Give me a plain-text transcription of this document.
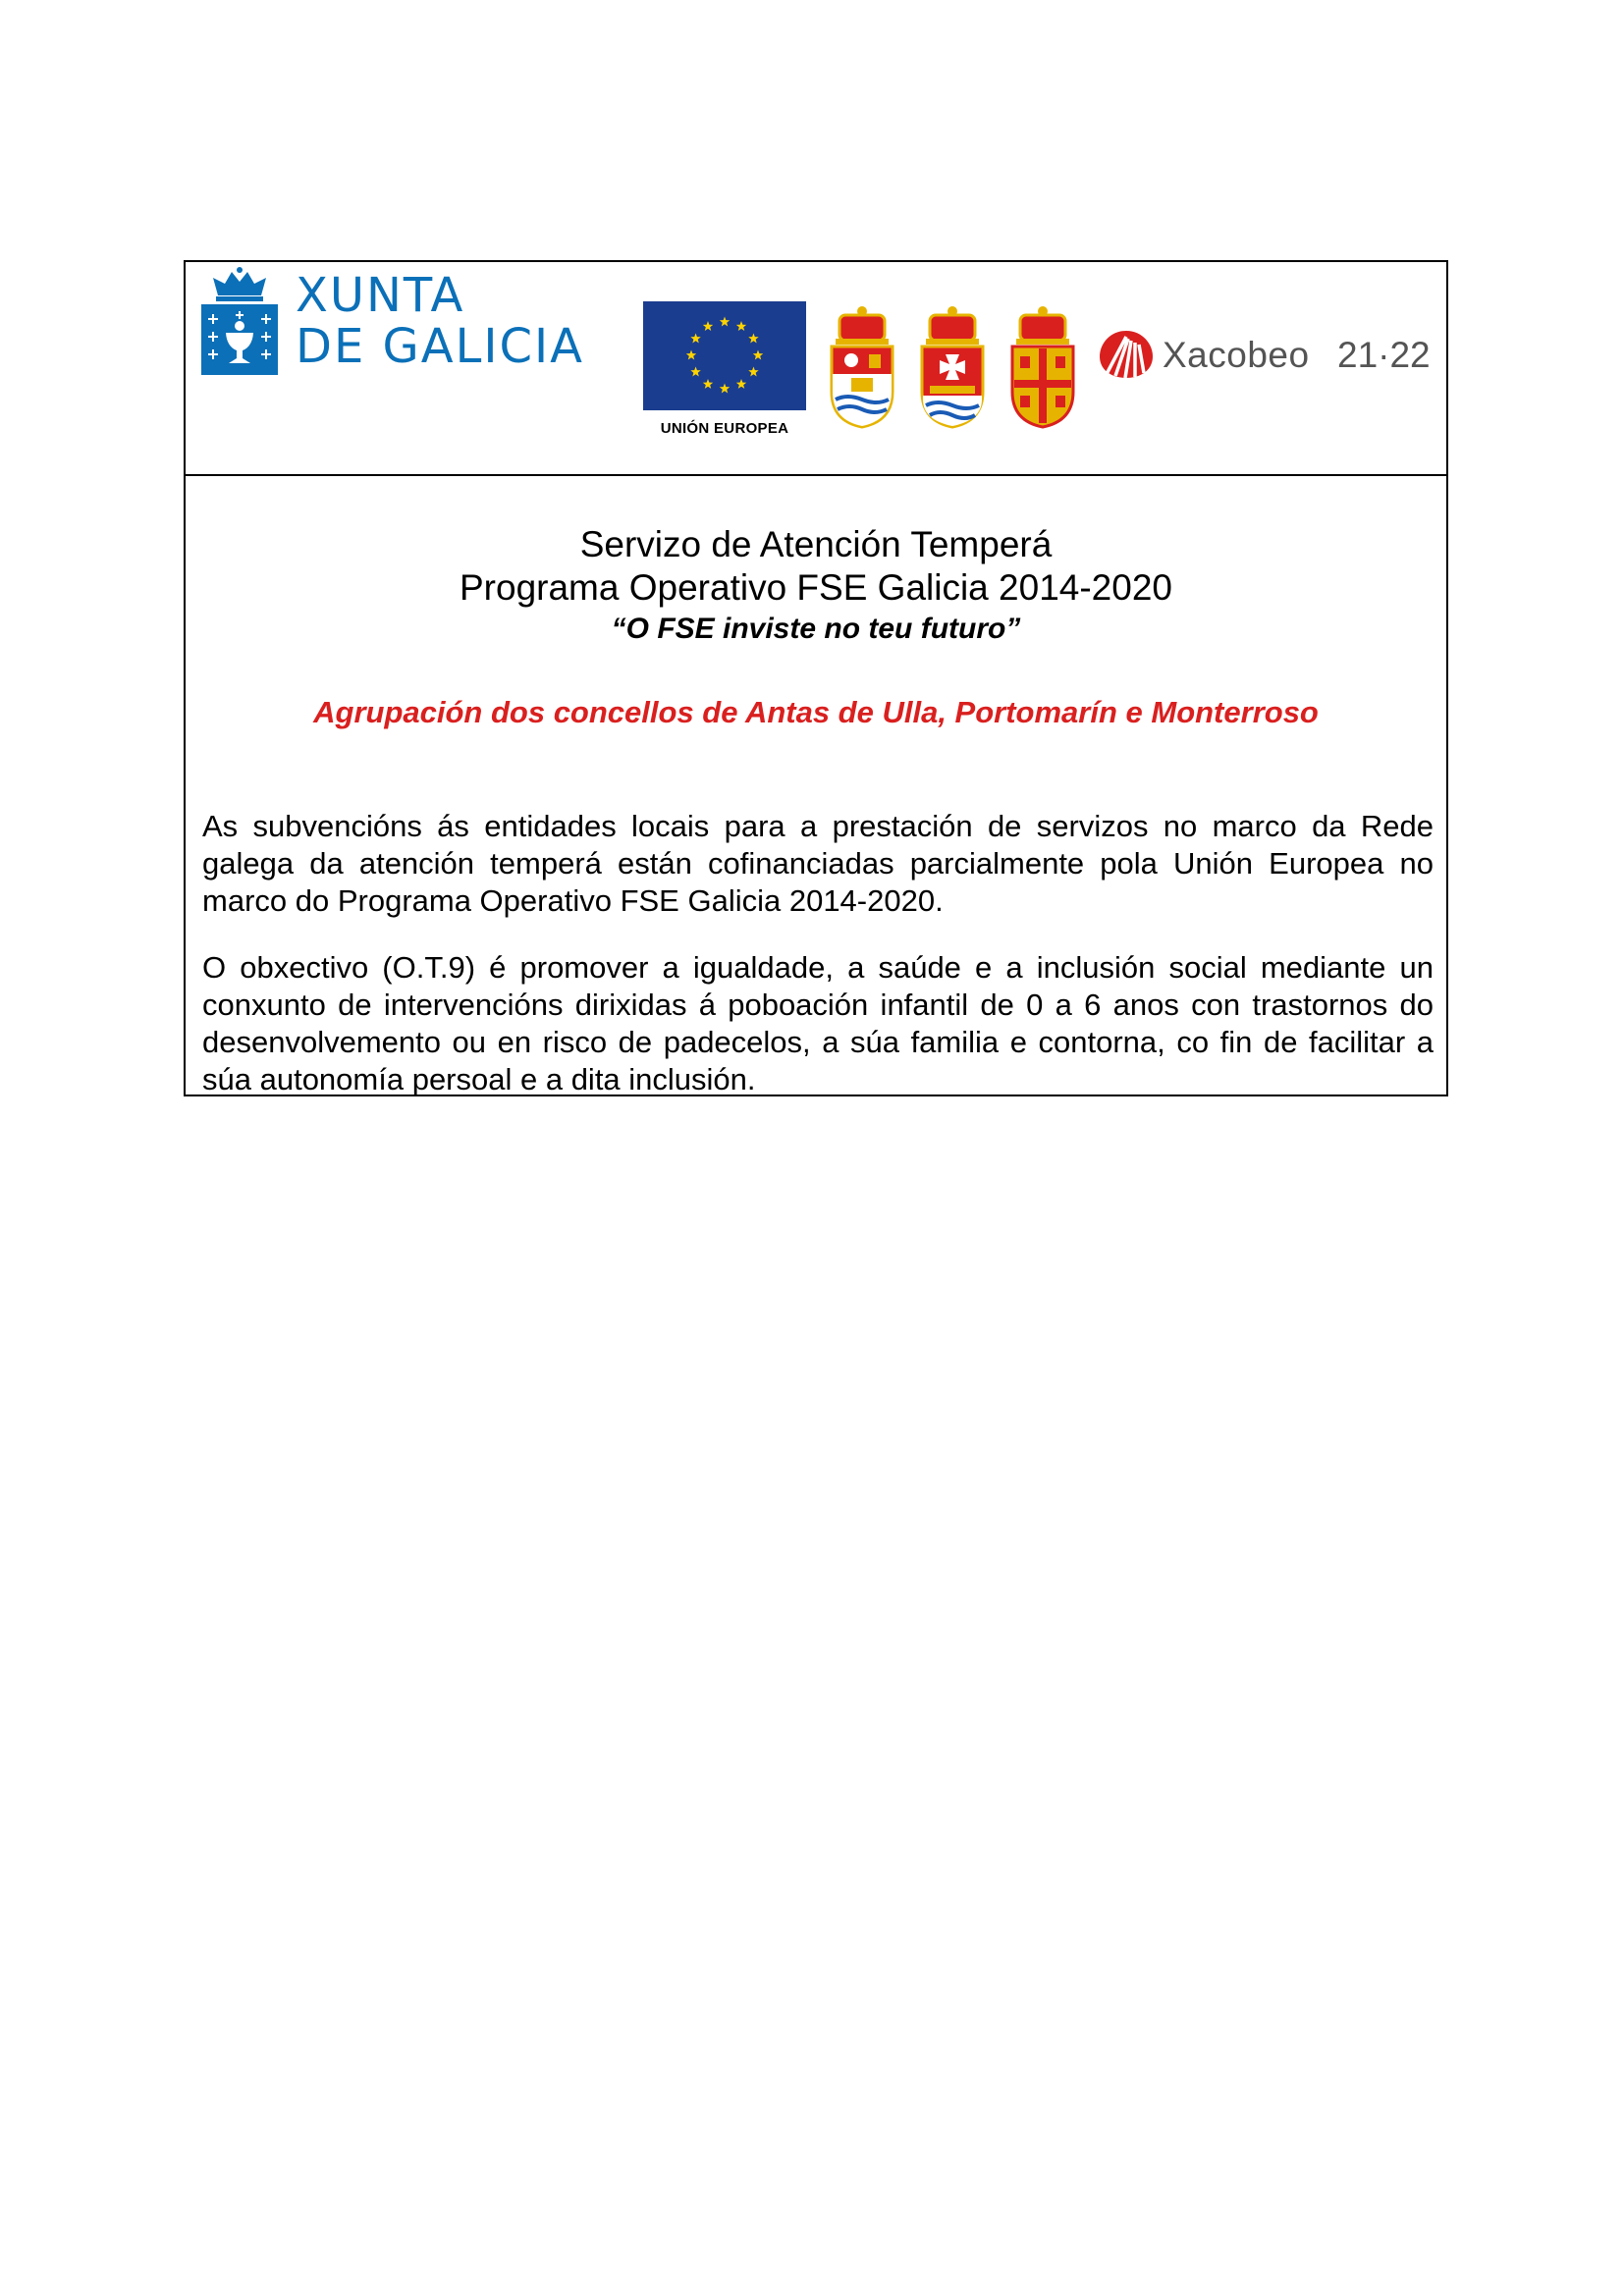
XUNTA
DE GALICIA
UNIÓN EUROPEA
Xacobeo 21·22
Servizo de Atención Temperá
Programa Operativo FSE Galicia 2014-2020
“O FSE inviste no teu futuro”
Agrupación dos concellos de Antas de Ulla, Portomarín e Monterroso

As subvencións ás entidades locais para a prestación de servizos no marco da Rede galega da atención temperá están cofinanciadas parcialmente pola Unión Europea no marco do Programa Operativo FSE Galicia 2014-2020.

O obxectivo (O.T.9) é promover a igualdade, a saúde e a inclusión social mediante un conxunto de intervencións dirixidas á poboación infantil de 0 a 6 anos con trastornos do desenvolvemento ou en risco de padecelos, a súa familia e contorna, co fin de facilitar a súa autonomía persoal e a dita inclusión.
